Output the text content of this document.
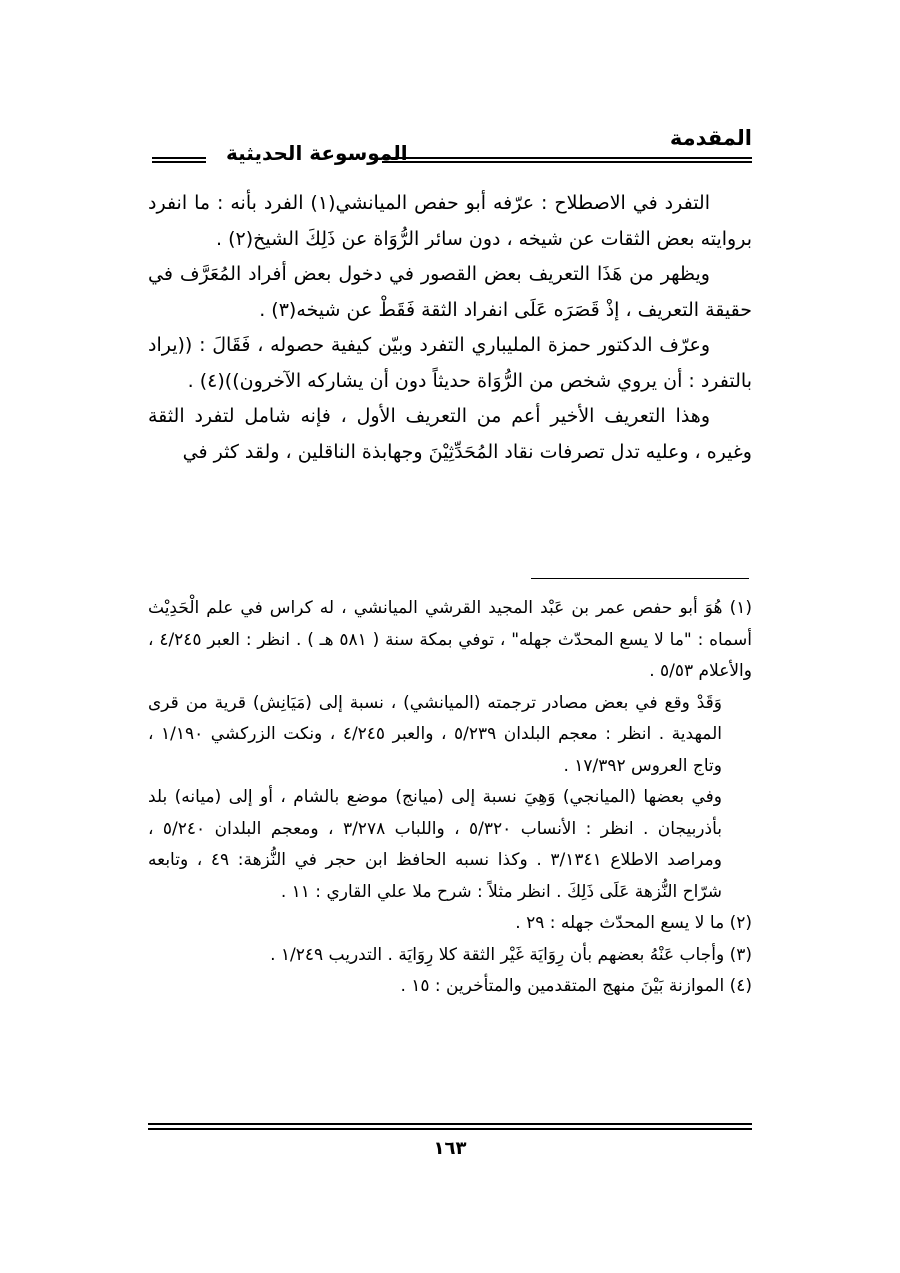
المقدمة
الموسوعة الحديثية

التفرد في الاصطلاح : عرّفه أبو حفص الميانشي(١) الفرد بأنه : ما انفرد بروايته بعض الثقات عن شيخه ، دون سائر الرُّوَاة عن ذَلِكَ الشيخ(٢) .

ويظهر من هَذَا التعريف بعض القصور في دخول بعض أفراد المُعَرَّف في حقيقة التعريف ، إذْ قَصَرَه عَلَى انفراد الثقة فَقَطْ عن شيخه(٣) .

وعرّف الدكتور حمزة المليباري التفرد وبيّن كيفية حصوله ، فَقَالَ : ((يراد بالتفرد : أن يروي شخص من الرُّوَاة حديثاً دون أن يشاركه الآخرون))(٤) .

وهذا التعريف الأخير أعم من التعريف الأول ، فإنه شامل لتفرد الثقة وغيره ، وعليه تدل تصرفات نقاد المُحَدِّثِيْنَ وجهابذة الناقلين ، ولقد كثر في

(١) هُوَ أبو حفص عمر بن عَبْد المجيد القرشي الميانشي ، له كراس في علم الْحَدِيْث أسماه : "ما لا يسع المحدّث جهله" ، توفي بمكة سنة ( ٥٨١ هـ ) . انظر : العبر ٤/٢٤٥ ، والأعلام ٥/٥٣ .

وَقَدْ وقع في بعض مصادر ترجمته (الميانشي) ، نسبة إلى (مَيَانِش) قرية من قرى المهدية . انظر : معجم البلدان ٥/٢٣٩ ، والعبر ٤/٢٤٥ ، ونكت الزركشي ١/١٩٠ ، وتاج العروس ١٧/٣٩٢ .

وفي بعضها (الميانجي) وَهِيَ نسبة إلى (ميانج) موضع بالشام ، أو إلى (ميانه) بلد بأذربيجان . انظر : الأنساب ٥/٣٢٠ ، واللباب ٣/٢٧٨ ، ومعجم البلدان ٥/٢٤٠ ، ومراصد الاطلاع ٣/١٣٤١ . وكذا نسبه الحافظ ابن حجر في النُّزهة: ٤٩ ، وتابعه شرّاح النُّزهة عَلَى ذَلِكَ . انظر مثلاً : شرح ملا علي القاري : ١١ .

(٢) ما لا يسع المحدّث جهله : ٢٩ .

(٣) وأجاب عَنْهُ بعضهم بأن رِوَايَة غَيْر الثقة كلا رِوَايَة . التدريب ١/٢٤٩ .

(٤) الموازنة بَيْنَ منهج المتقدمين والمتأخرين : ١٥ .

١٦٣
